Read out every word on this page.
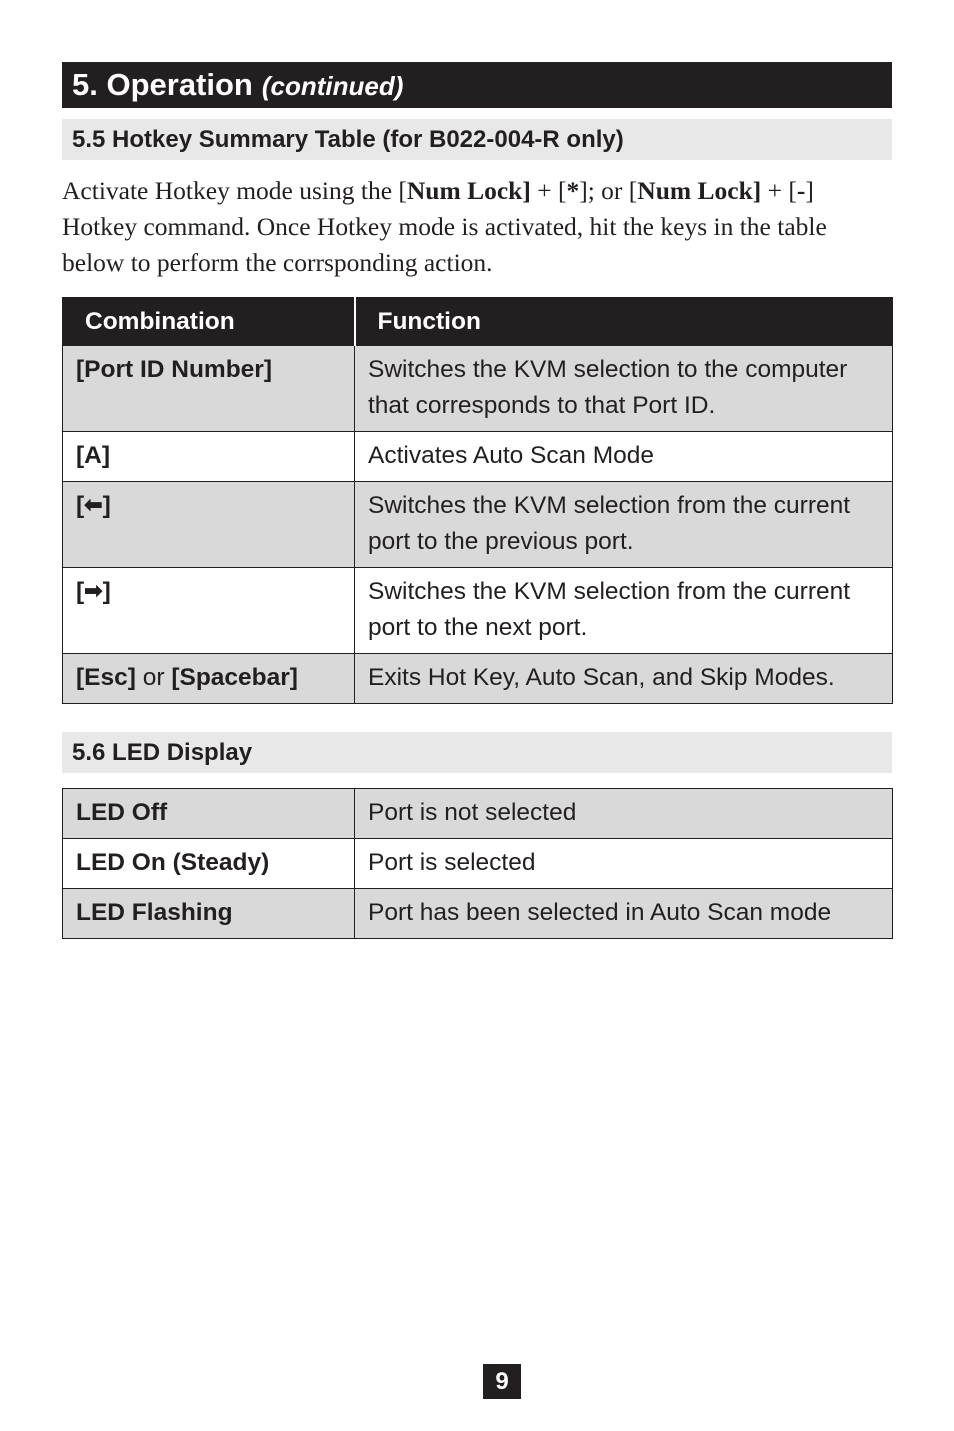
5. Operation (continued)
5.5 Hotkey Summary Table (for B022-004-R only)

Activate Hotkey mode using the [Num Lock] + [*]; or [Num Lock] + [-] Hotkey command. Once Hotkey mode is activated, hit the keys in the table below to perform the corrsponding action.

Combination	Function
[Port ID Number]	Switches the KVM selection to the computer that corresponds to that Port ID.
[A]	Activates Auto Scan Mode
[⬅]	Switches the KVM selection from the current port to the previous port.
[➡]	Switches the KVM selection from the current port to the next port.
[Esc] or [Spacebar]	Exits Hot Key, Auto Scan, and Skip Modes.
5.6 LED Display
LED Off	Port is not selected
LED On (Steady)	Port is selected
LED Flashing	Port has been selected in Auto Scan mode
9
